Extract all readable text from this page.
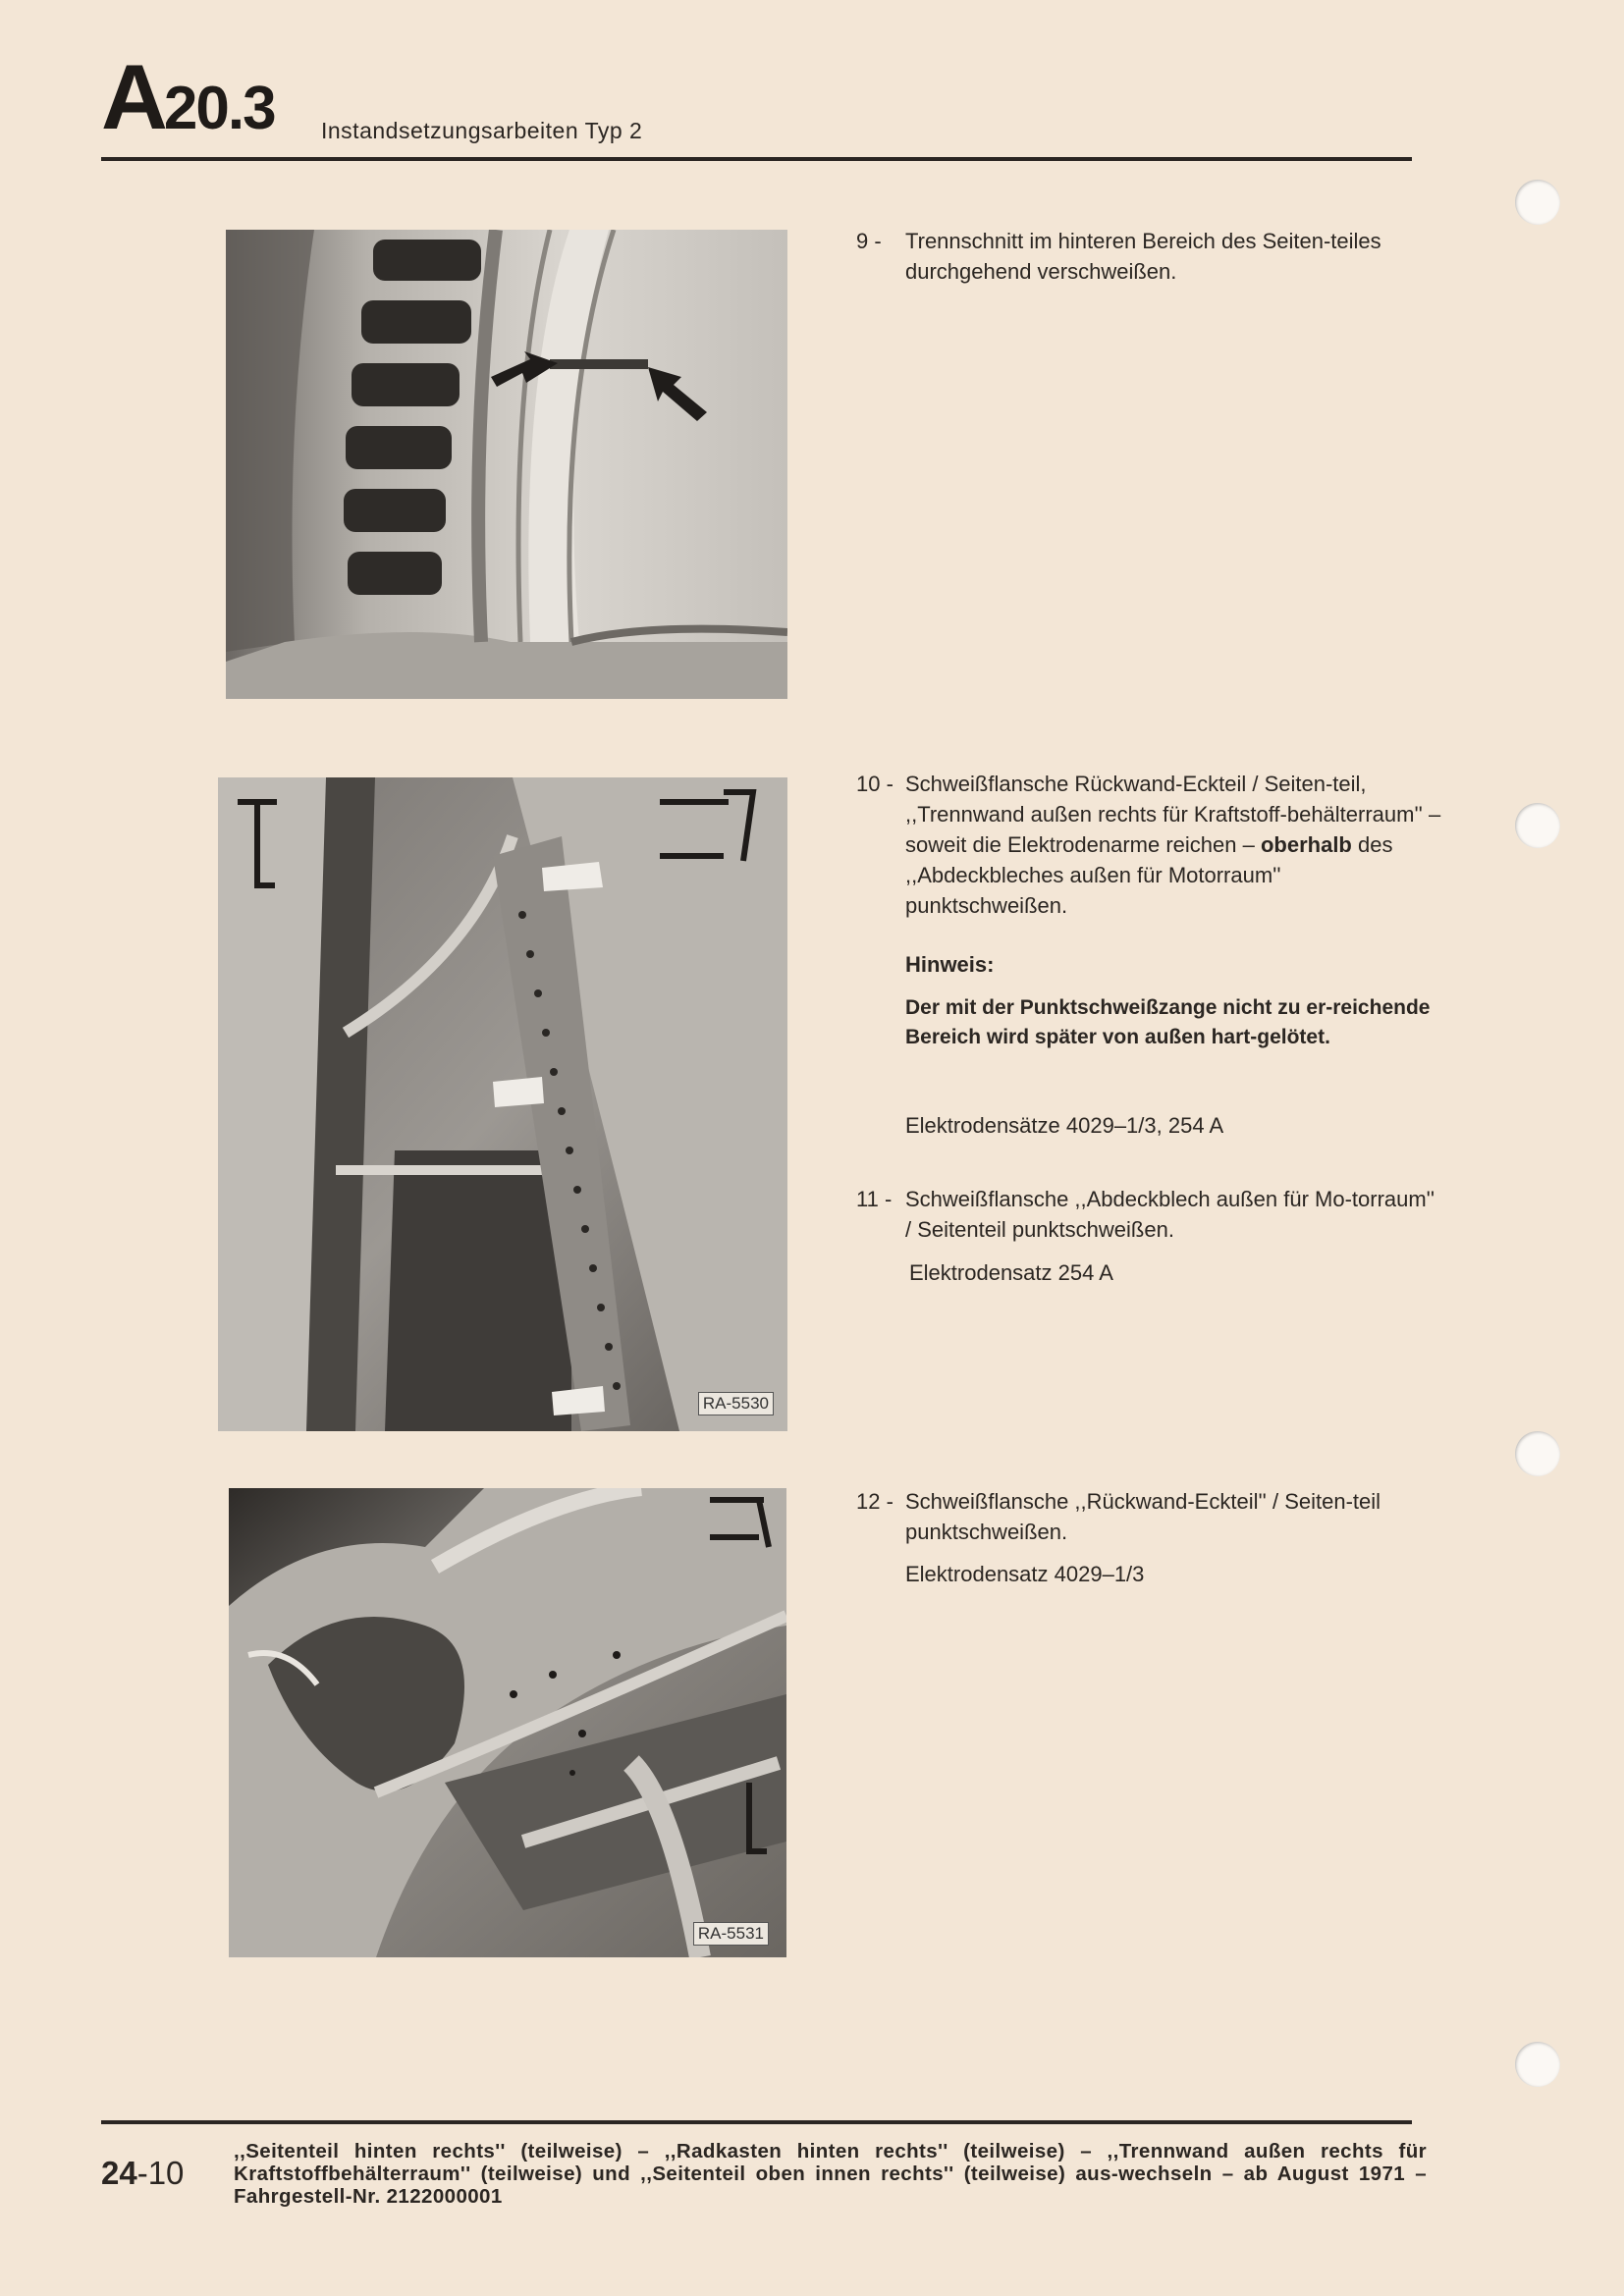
A20.3 Instandsetzungsarbeiten Typ 2
RA-5530
RA-5531
9 - Trennschnitt im hinteren Bereich des Seiten-teiles durchgehend verschweißen.
10 - Schweißflansche Rückwand-Eckteil / Seiten-teil, ,,Trennwand außen rechts für Kraftstoff-behälterraum'' – soweit die Elektrodenarme reichen – oberhalb des ,,Abdeckbleches außen für Motorraum'' punktschweißen.
Hinweis:
Der mit der Punktschweißzange nicht zu er-reichende Bereich wird später von außen hart-gelötet.
Elektrodensätze 4029–1/3, 254 A
11 - Schweißflansche ,,Abdeckblech außen für Mo-torraum'' / Seitenteil punktschweißen.
Elektrodensatz 254 A
12 - Schweißflansche ,,Rückwand-Eckteil'' / Seiten-teil punktschweißen.
Elektrodensatz 4029–1/3
24-10
,,Seitenteil hinten rechts'' (teilweise) – ,,Radkasten hinten rechts'' (teilweise) – ,,Trennwand außen rechts für Kraftstoffbehälterraum'' (teilweise) und ,,Seitenteil oben innen rechts'' (teilweise) aus-wechseln – ab August 1971 – Fahrgestell-Nr. 2122000001
